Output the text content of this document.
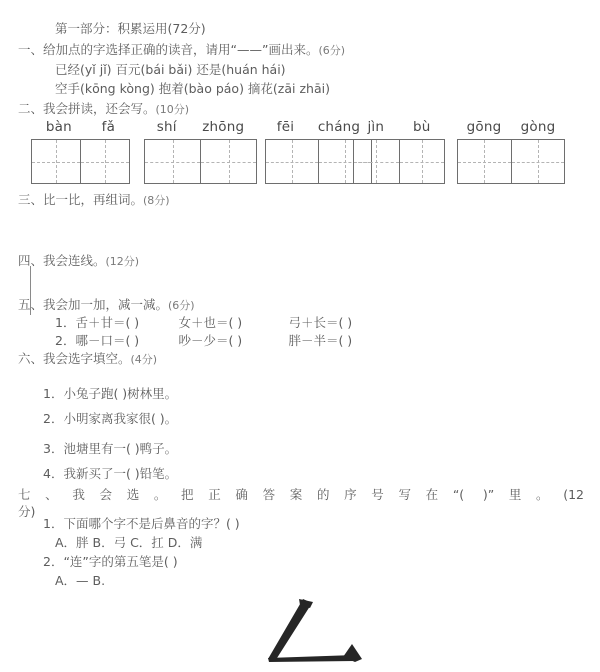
第一部分：积累运用(72分)
一、给加点的字选择正确的读音，请用“——”画出来。(6分)
已经(yǐ jǐ) 百元(bái bǎi) 还是(huán hái)
空手(kōng kòng) 抱着(bào páo) 摘花(zāi zhāi)
二、我会拼读，还会写。(10分)
bàn fǎ	shí zhōng fēi cháng jìn bù	gōng gòng
三、比一比，再组词。(8分)
四、我会连线。(12分)
五、我会加一加，减一减。(6分)
1．舌＋甘＝( )	女＋也＝( )	弓＋长＝( )
2．哪－口＝( )	吵－少＝( )	胖－半＝( )
六、我会选字填空。(4分)
1．小兔子跑( )树林里。
2．小明家离我家很( )。
3．池塘里有一( )鸭子。
4．我新买了一( )铅笔。
七、我会选。把正确答案的序号写在“( )”里。(12
分)
1．下面哪个字不是后鼻音的字？( )
A．胖 B．弓 C．扛 D．满
2．“连”字的第五笔是( )
A．— B.
